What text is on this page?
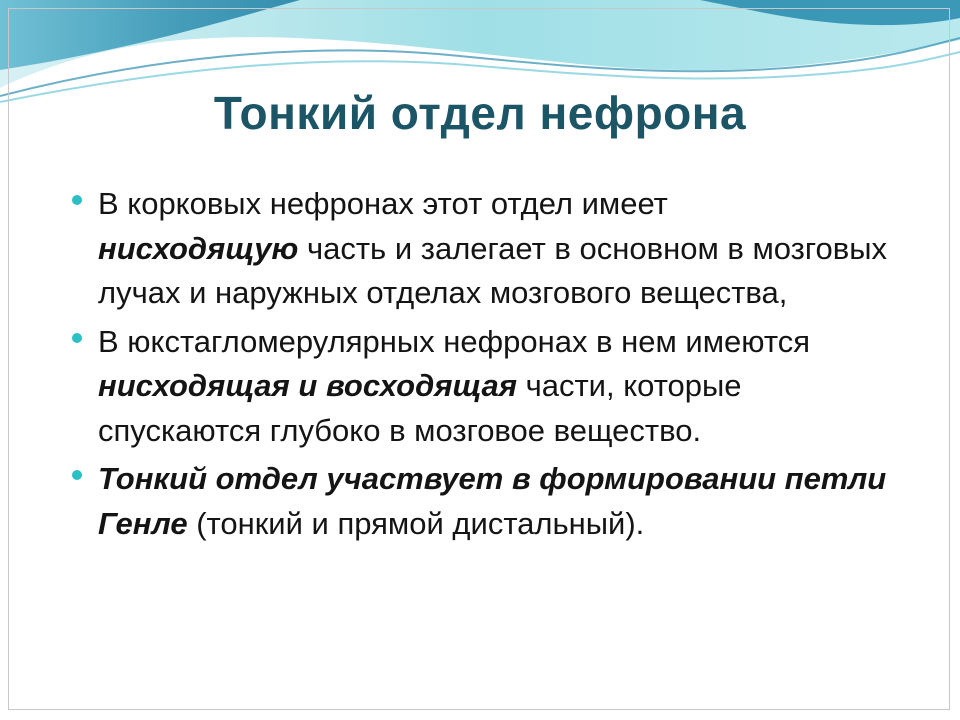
Тонкий отдел нефрона
В корковых нефронах этот отдел имеет
нисходящую часть и залегает в основном в мозговых лучах и наружных отделах мозгового вещества,
В юкстагломерулярных нефронах в нем имеются нисходящая и восходящая части, которые спускаются глубоко в мозговое вещество.
Тонкий отдел участвует в формировании петли Генле (тонкий и прямой дистальный).
